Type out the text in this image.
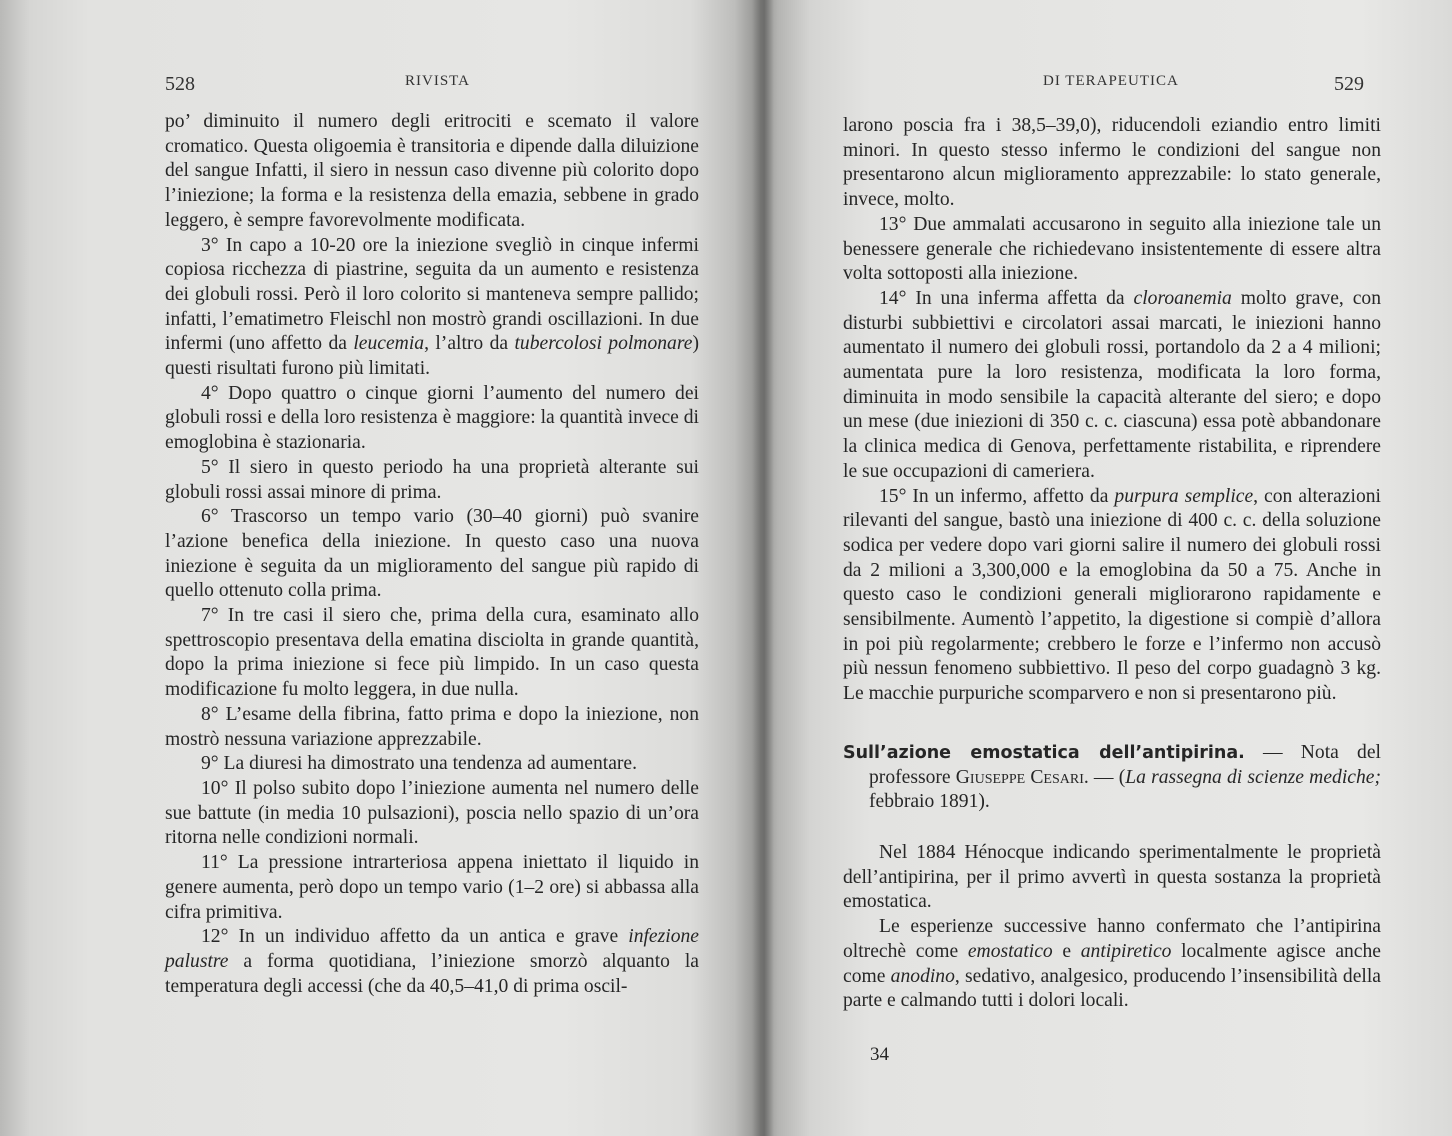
528	RIVISTA

po’ diminuito il numero degli eritrociti e scemato il valore cromatico. Questa oligoemia è transitoria e dipende dalla diluizione del sangue Infatti, il siero in nessun caso divenne più colorito dopo l’iniezione; la forma e la resistenza della emazia, sebbene in grado leggero, è sempre favorevolmente modificata.

3° In capo a 10-20 ore la iniezione svegliò in cinque infermi copiosa ricchezza di piastrine, seguita da un aumento e resistenza dei globuli rossi. Però il loro colorito si manteneva sempre pallido; infatti, l’ematimetro Fleischl non mostrò grandi oscillazioni. In due infermi (uno affetto da leucemia, l’altro da tubercolosi polmonare) questi risultati furono più limitati.

4° Dopo quattro o cinque giorni l’aumento del numero dei globuli rossi e della loro resistenza è maggiore: la quantità invece di emoglobina è stazionaria.

5° Il siero in questo periodo ha una proprietà alterante sui globuli rossi assai minore di prima.

6° Trascorso un tempo vario (30–40 giorni) può svanire l’azione benefica della iniezione. In questo caso una nuova iniezione è seguita da un miglioramento del sangue più rapido di quello ottenuto colla prima.

7° In tre casi il siero che, prima della cura, esaminato allo spettroscopio presentava della ematina disciolta in grande quantità, dopo la prima iniezione si fece più limpido. In un caso questa modificazione fu molto leggera, in due nulla.

8° L’esame della fibrina, fatto prima e dopo la iniezione, non mostrò nessuna variazione apprezzabile.

9° La diuresi ha dimostrato una tendenza ad aumentare.

10° Il polso subito dopo l’iniezione aumenta nel numero delle sue battute (in media 10 pulsazioni), poscia nello spazio di un’ora ritorna nelle condizioni normali.

11° La pressione intrarteriosa appena iniettato il liquido in genere aumenta, però dopo un tempo vario (1–2 ore) si abbassa alla cifra primitiva.

12° In un individuo affetto da un antica e grave infezione palustre a forma quotidiana, l’iniezione smorzò alquanto la temperatura degli accessi (che da 40,5–41,0 di prima oscil-

DI TERAPEUTICA	529

larono poscia fra i 38,5–39,0), riducendoli eziandio entro limiti minori. In questo stesso infermo le condizioni del sangue non presentarono alcun miglioramento apprezzabile: lo stato generale, invece, molto.

13° Due ammalati accusarono in seguito alla iniezione tale un benessere generale che richiedevano insistentemente di essere altra volta sottoposti alla iniezione.

14° In una inferma affetta da cloroanemia molto grave, con disturbi subbiettivi e circolatori assai marcati, le iniezioni hanno aumentato il numero dei globuli rossi, portandolo da 2 a 4 milioni; aumentata pure la loro resistenza, modificata la loro forma, diminuita in modo sensibile la capacità alterante del siero; e dopo un mese (due iniezioni di 350 c. c. ciascuna) essa potè abbandonare la clinica medica di Genova, perfettamente ristabilita, e riprendere le sue occupazioni di cameriera.

15° In un infermo, affetto da purpura semplice, con alterazioni rilevanti del sangue, bastò una iniezione di 400 c. c. della soluzione sodica per vedere dopo vari giorni salire il numero dei globuli rossi da 2 milioni a 3,300,000 e la emoglobina da 50 a 75. Anche in questo caso le condizioni generali migliorarono rapidamente e sensibilmente. Aumentò l’appetito, la digestione si compiè d’allora in poi più regolarmente; crebbero le forze e l’infermo non accusò più nessun fenomeno subbiettivo. Il peso del corpo guadagnò 3 kg. Le macchie purpuriche scomparvero e non si presentarono più.

Sull’azione emostatica dell’antipirina. — Nota del professore Giuseppe Cesari. — (La rassegna di scienze mediche; febbraio 1891).

Nel 1884 Hénocque indicando sperimentalmente le proprietà dell’antipirina, per il primo avvertì in questa sostanza la proprietà emostatica.

Le esperienze successive hanno confermato che l’antipirina oltrechè come emostatico e antipiretico localmente agisce anche come anodino, sedativo, analgesico, producendo l’insensibilità della parte e calmando tutti i dolori locali.

34
